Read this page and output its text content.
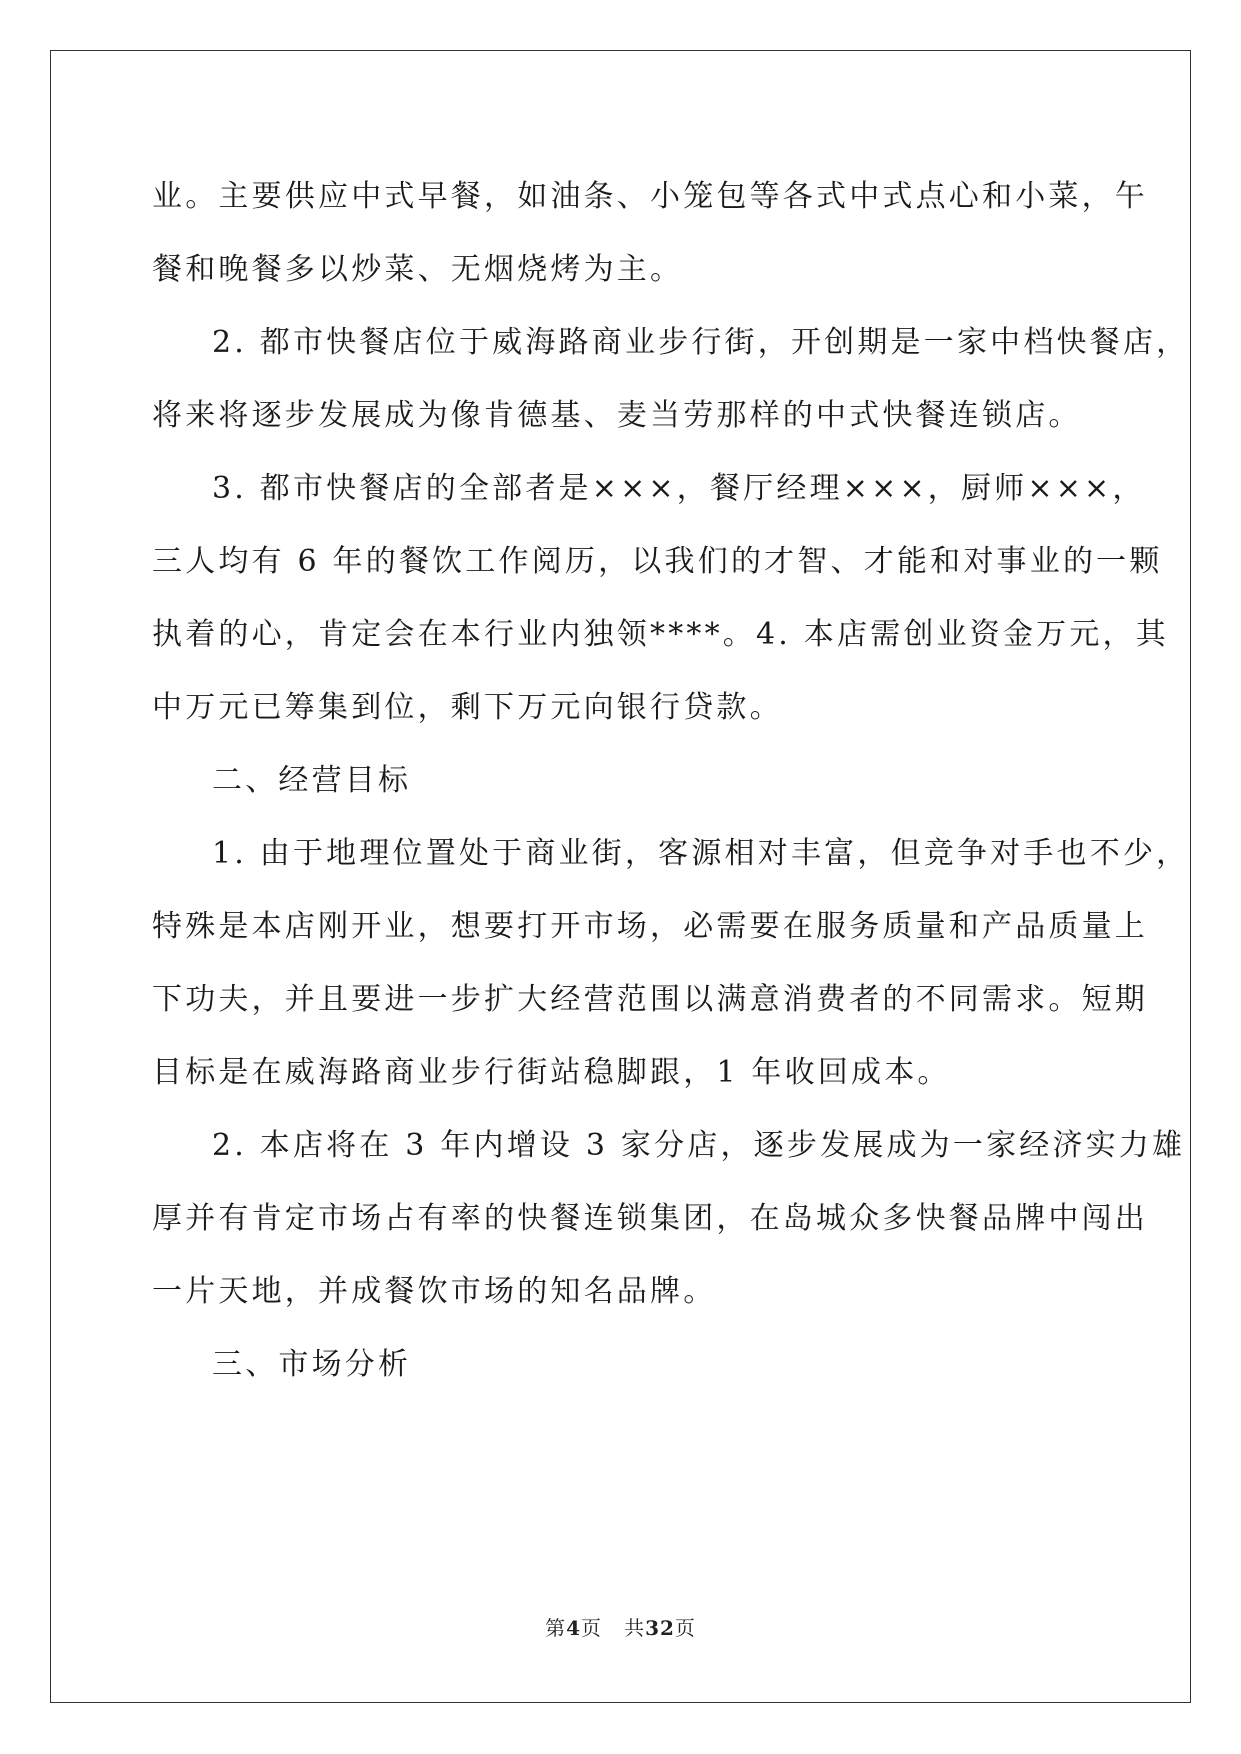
业。主要供应中式早餐，如油条、小笼包等各式中式点心和小菜，午
餐和晚餐多以炒菜、无烟烧烤为主。
2. 都市快餐店位于威海路商业步行街，开创期是一家中档快餐店，
将来将逐步发展成为像肯德基、麦当劳那样的中式快餐连锁店。
3. 都市快餐店的全部者是×××，餐厅经理×××，厨师×××，
三人均有 6 年的餐饮工作阅历，以我们的才智、才能和对事业的一颗
执着的心，肯定会在本行业内独领****。4. 本店需创业资金万元，其
中万元已筹集到位，剩下万元向银行贷款。
二、经营目标
1. 由于地理位置处于商业街，客源相对丰富，但竞争对手也不少，
特殊是本店刚开业，想要打开市场，必需要在服务质量和产品质量上
下功夫，并且要进一步扩大经营范围以满意消费者的不同需求。短期
目标是在威海路商业步行街站稳脚跟，1 年收回成本。
2. 本店将在 3 年内增设 3 家分店，逐步发展成为一家经济实力雄
厚并有肯定市场占有率的快餐连锁集团，在岛城众多快餐品牌中闯出
一片天地，并成餐饮市场的知名品牌。
三、市场分析
第4页 共32页
